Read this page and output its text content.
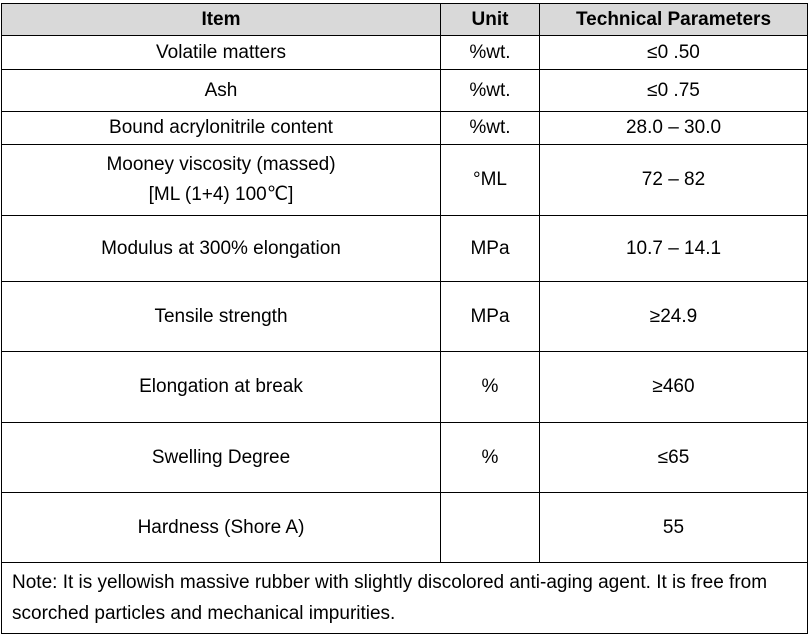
Item	Unit	Technical Parameters
Volatile matters	%wt.	≤0 .50
Ash	%wt.	≤0 .75
Bound acrylonitrile content	%wt.	28.0 – 30.0

Mooney viscosity (massed)
[ML (1+4) 100℃]	°ML	72 – 82
Modulus at 300% elongation	MPa	10.7 – 14.1
Tensile strength	MPa	≥24.9
Elongation at break	%	≥460
Swelling Degree	%	≤65
Hardness (Shore A)		55
Note: It is yellowish massive rubber with slightly discolored anti-aging agent. It is free from scorched particles and mechanical impurities.		
